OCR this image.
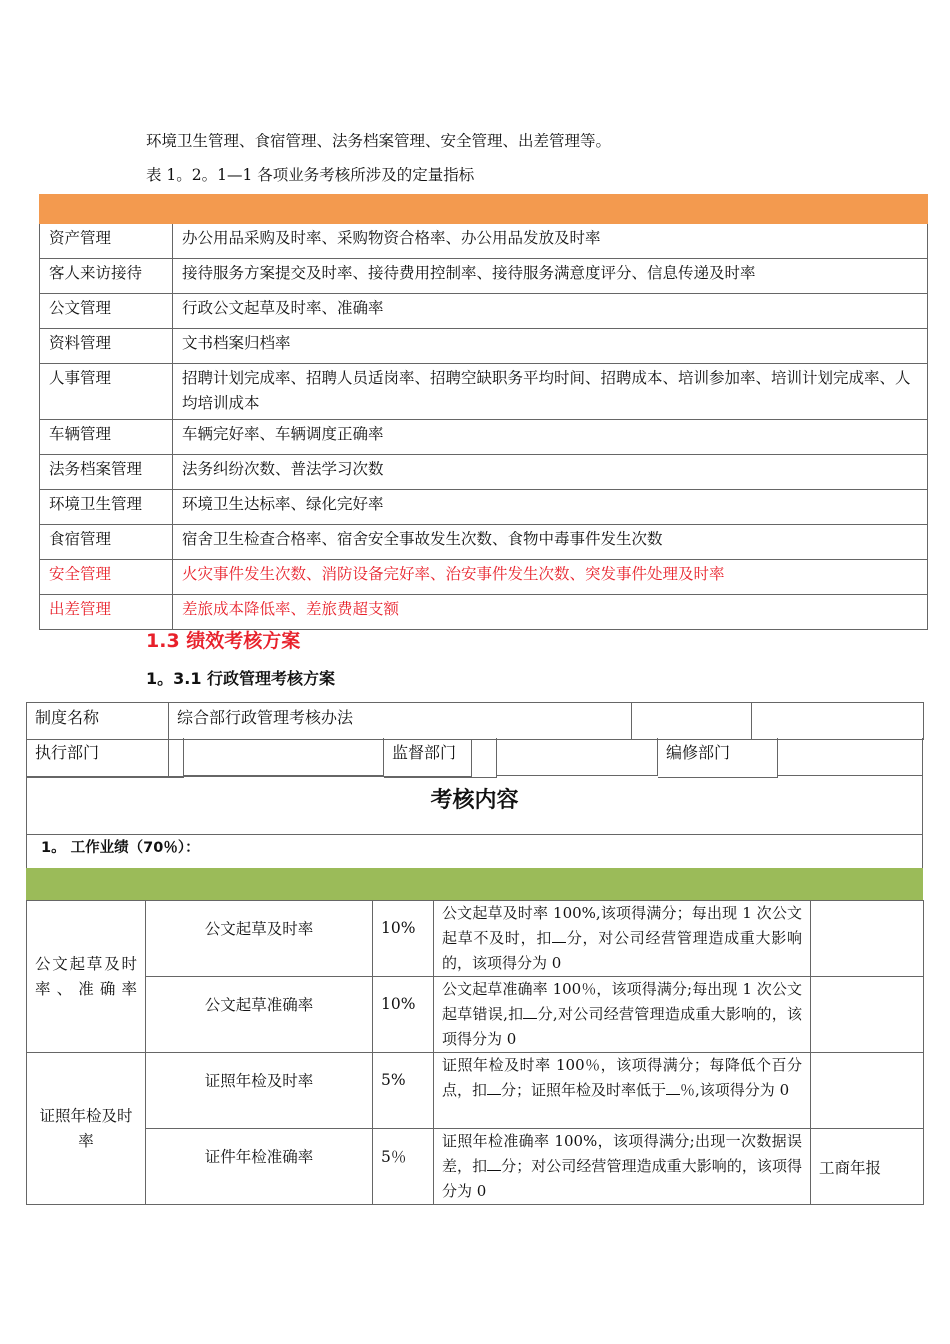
环境卫生管理、食宿管理、法务档案管理、安全管理、出差管理等。

表 1。2。1—1 各项业务考核所涉及的定量指标

资产管理	办公用品采购及时率、采购物资合格率、办公用品发放及时率
客人来访接待	接待服务方案提交及时率、接待费用控制率、接待服务满意度评分、信息传递及时率
公文管理	行政公文起草及时率、准确率
资料管理	文书档案归档率
人事管理	招聘计划完成率、招聘人员适岗率、招聘空缺职务平均时间、招聘成本、培训参加率、培训计划完成率、人均培训成本
车辆管理	车辆完好率、车辆调度正确率
法务档案管理	法务纠纷次数、普法学习次数
环境卫生管理	环境卫生达标率、绿化完好率
食宿管理	宿舍卫生检查合格率、宿舍安全事故发生次数、食物中毒事件发生次数
安全管理	火灾事件发生次数、消防设备完好率、治安事件发生次数、突发事件处理及时率
出差管理	差旅成本降低率、差旅费超支额
1.3 绩效考核方案
1。3.1 行政管理考核方案
制度名称	综合部行政管理考核办法		

执行部门	监督部门	编修部门
考核内容
1。 工作业绩（70％）：
公文起草及时率、准确率	公文起草及时率	10%	公文起草及时率 100%,该项得满分；每出现 1 次公文起草不及时，扣 分，对公司经营管理造成重大影响的，该项得分为 0	
	公文起草准确率	10%	公文起草准确率 100％，该项得满分;每出现 1 次公文起草错误,扣 分,对公司经营管理造成重大影响的，该项得分为 0	
证照年检及时率	证照年检及时率	5%	证照年检及时率 100％，该项得满分；每降低个百分点，扣 分；证照年检及时率低于 ％,该项得分为 0	
	证件年检准确率	5％	证照年检准确率 100%，该项得满分;出现一次数据误差，扣 分；对公司经营管理造成重大影响的，该项得分为 0	工商年报
